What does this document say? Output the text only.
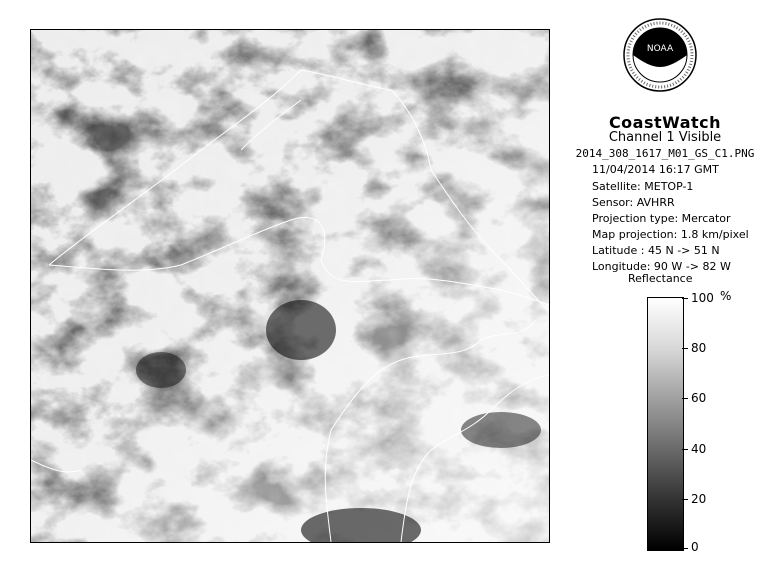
NOAA
CoastWatch
Channel 1 Visible
2014_308_1617_M01_GS_C1.PNG
11/04/2014 16:17 GMT
Satellite: METOP-1
Sensor: AVHRR
Projection type: Mercator
Map projection: 1.8 km/pixel
Latitude : 45 N -> 51 N
Longitude: 90 W -> 82 W
Reflectance
%
100
80
60
40
20
0
